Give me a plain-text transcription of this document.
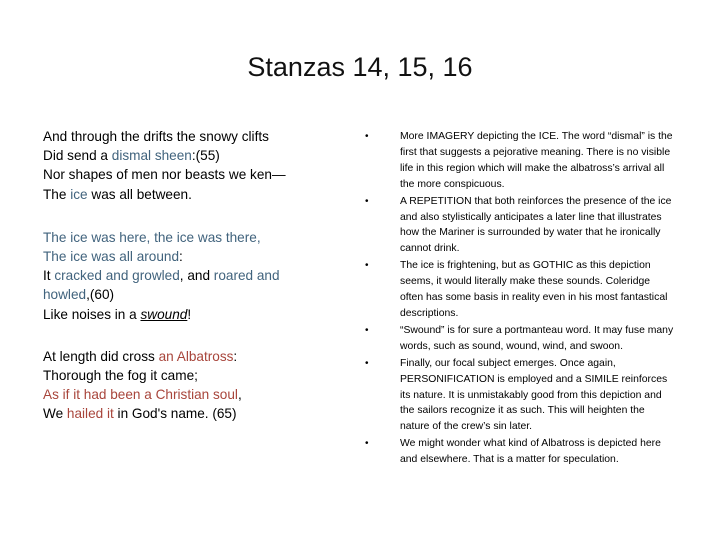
Stanzas 14, 15, 16

And through the drifts the snowy clifts
Did send a dismal sheen:(55)
Nor shapes of men nor beasts we ken—
The ice was all between.

The ice was here, the ice was there,
The ice was all around:
It cracked and growled, and roared and
howled,(60)
Like noises in a swound!

At length did cross an Albatross:
Thorough the fog it came;
As if it had been a Christian soul,
We hailed it in God's name. (65)

•	More IMAGERY depicting the ICE. The word “dismal” is the first that suggests a pejorative meaning. There is no visible life in this region which will make the albatross’s arrival all the more conspicuous.
•	A REPETITION that both reinforces the presence of the ice and also stylistically anticipates a later line that illustrates how the Mariner is surrounded by water that he ironically cannot drink.
•	The ice is frightening, but as GOTHIC as this depiction seems, it would literally make these sounds. Coleridge often has some basis in reality even in his most fantastical descriptions.
•	“Swound” is for sure a portmanteau word. It may fuse many words, such as sound, wound, wind, and swoon.
•	Finally, our focal subject emerges. Once again, PERSONIFICATION is employed and a SIMILE reinforces its nature. It is unmistakably good from this depiction and the sailors recognize it as such. This will heighten the nature of the crew’s sin later.
•	We might wonder what kind of Albatross is depicted here and elsewhere. That is a matter for speculation.
